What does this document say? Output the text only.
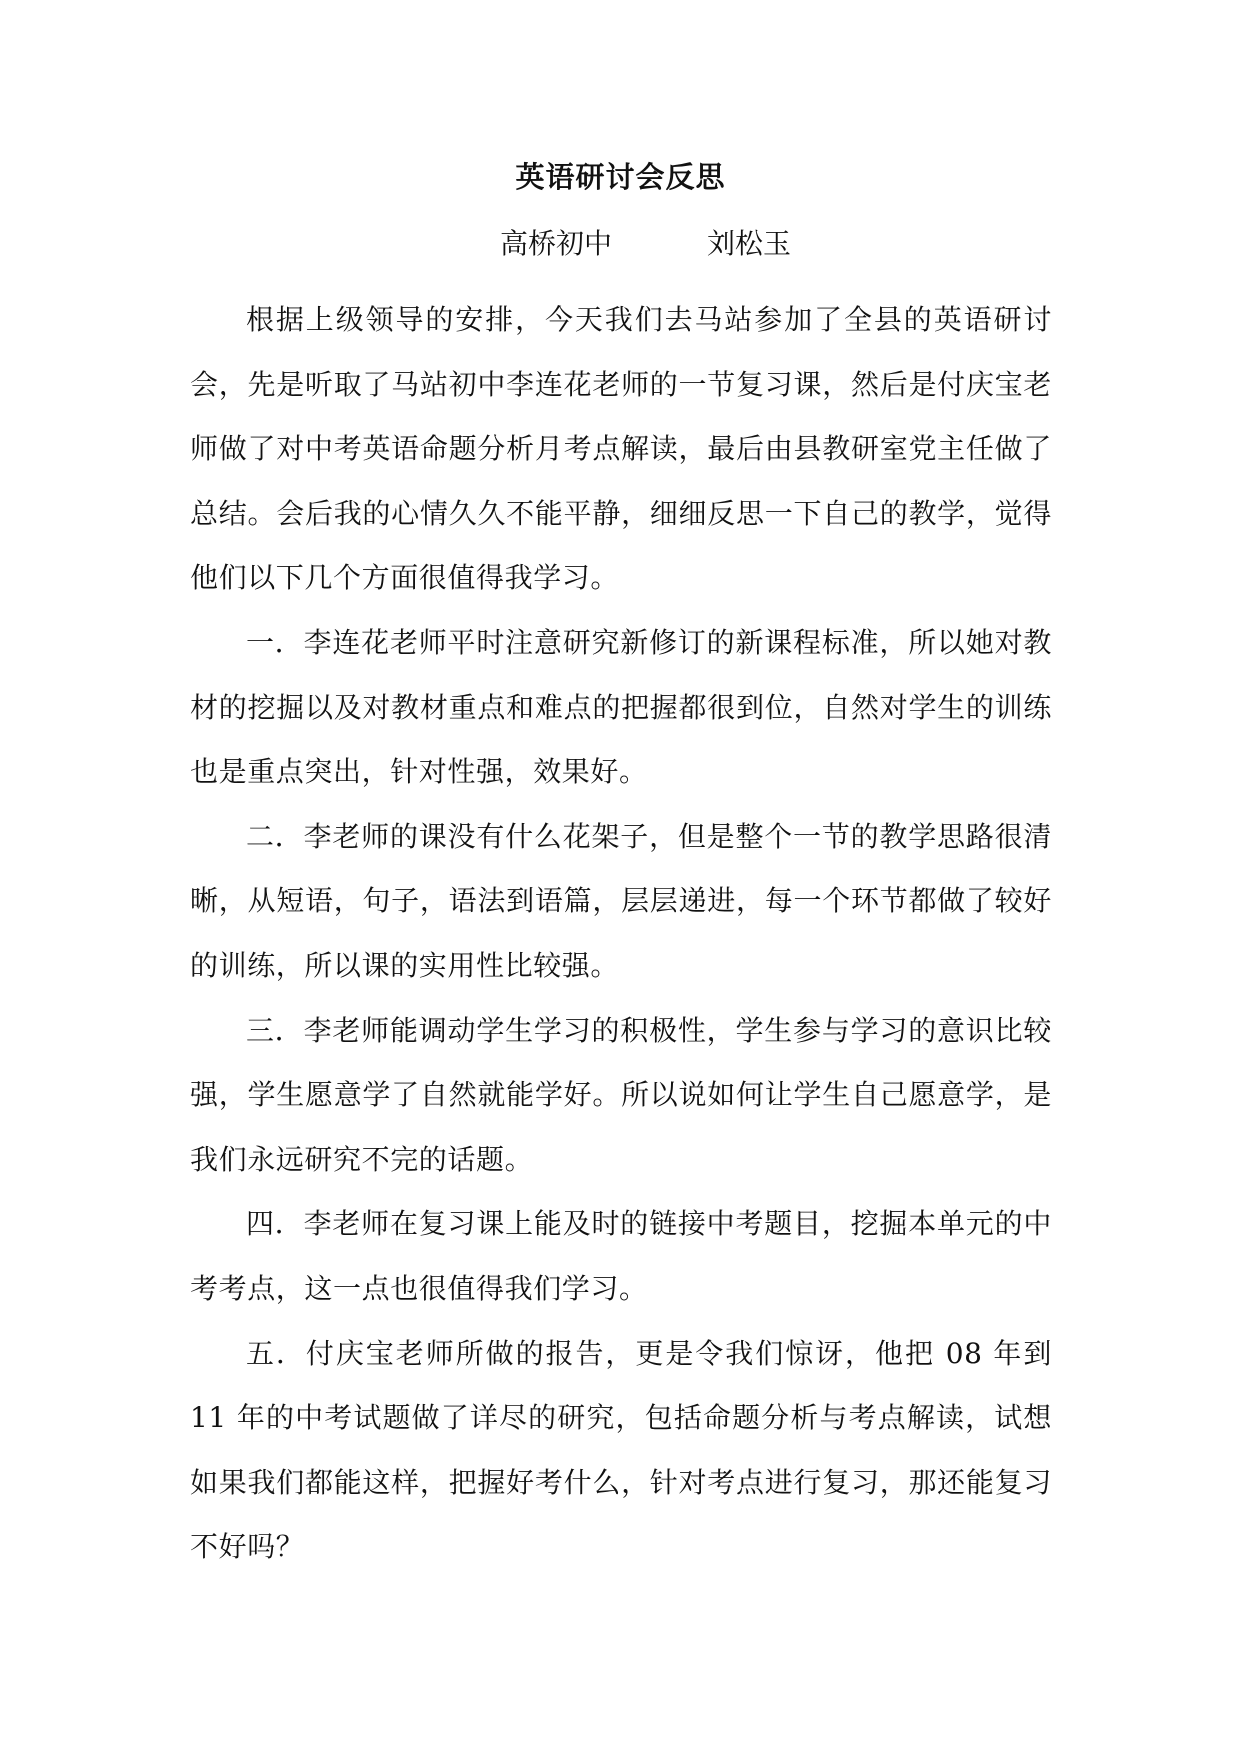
英语研讨会反思
高桥初中	刘松玉

根据上级领导的安排，今天我们去马站参加了全县的英语研讨会，先是听取了马站初中李连花老师的一节复习课，然后是付庆宝老师做了对中考英语命题分析月考点解读，最后由县教研室党主任做了总结。会后我的心情久久不能平静，细细反思一下自己的教学，觉得他们以下几个方面很值得我学习。

一．李连花老师平时注意研究新修订的新课程标准，所以她对教材的挖掘以及对教材重点和难点的把握都很到位，自然对学生的训练也是重点突出，针对性强，效果好。

二．李老师的课没有什么花架子，但是整个一节的教学思路很清晰，从短语，句子，语法到语篇，层层递进，每一个环节都做了较好的训练，所以课的实用性比较强。

三．李老师能调动学生学习的积极性，学生参与学习的意识比较强，学生愿意学了自然就能学好。所以说如何让学生自己愿意学，是我们永远研究不完的话题。

四．李老师在复习课上能及时的链接中考题目，挖掘本单元的中考考点，这一点也很值得我们学习。

五．付庆宝老师所做的报告，更是令我们惊讶，他把 08 年到 11 年的中考试题做了详尽的研究，包括命题分析与考点解读，试想如果我们都能这样，把握好考什么，针对考点进行复习，那还能复习不好吗？
